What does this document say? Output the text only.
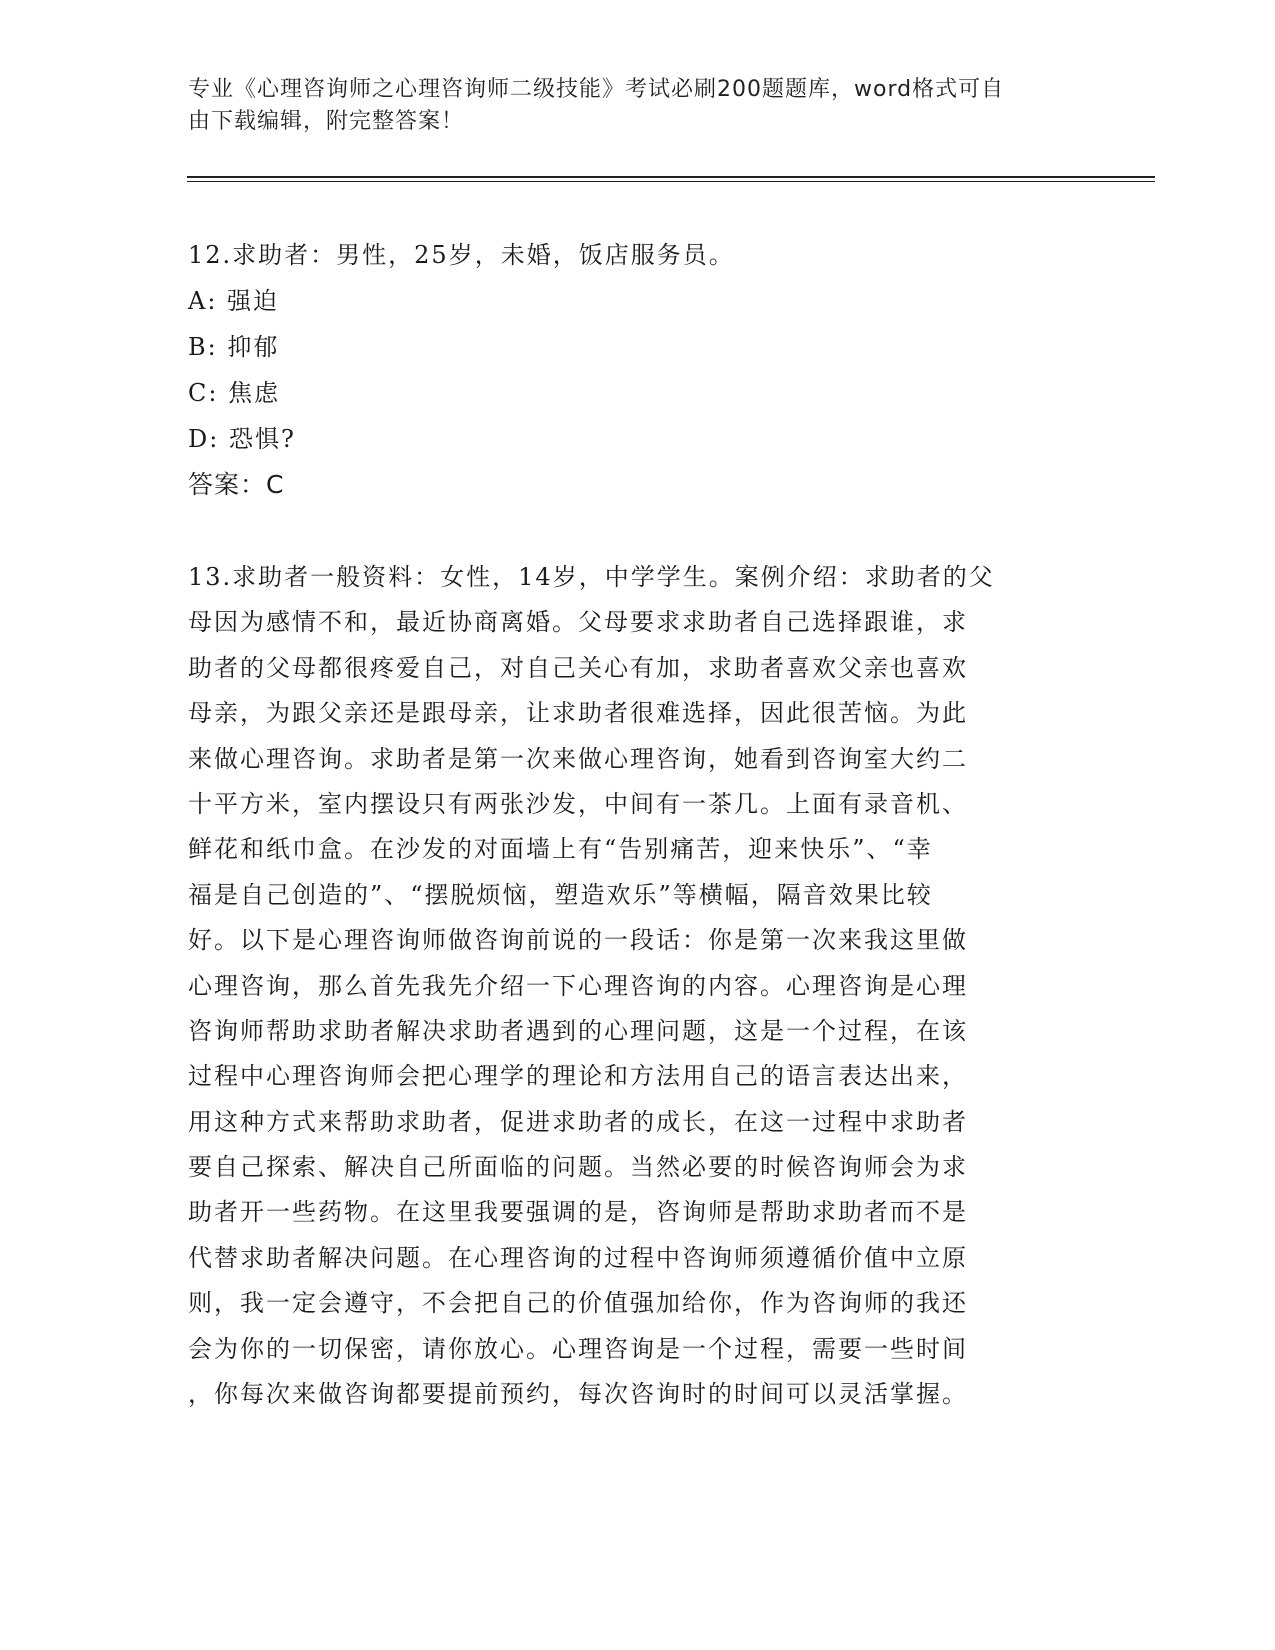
专业《心理咨询师之心理咨询师二级技能》考试必刷200题题库，word格式可自
由下载编辑，附完整答案！
12.求助者：男性，25岁，未婚，饭店服务员。
A: 强迫
B: 抑郁
C: 焦虑
D: 恐惧?
答案：C
13.求助者一般资料：女性，14岁，中学学生。案例介绍：求助者的父
母因为感情不和，最近协商离婚。父母要求求助者自己选择跟谁，求
助者的父母都很疼爱自己，对自己关心有加，求助者喜欢父亲也喜欢
母亲，为跟父亲还是跟母亲，让求助者很难选择，因此很苦恼。为此
来做心理咨询。求助者是第一次来做心理咨询，她看到咨询室大约二
十平方米，室内摆设只有两张沙发，中间有一茶几。上面有录音机、
鲜花和纸巾盒。在沙发的对面墙上有“告别痛苦，迎来快乐”、“幸
福是自己创造的”、“摆脱烦恼，塑造欢乐”等横幅，隔音效果比较
好。以下是心理咨询师做咨询前说的一段话：你是第一次来我这里做
心理咨询，那么首先我先介绍一下心理咨询的内容。心理咨询是心理
咨询师帮助求助者解决求助者遇到的心理问题，这是一个过程，在该
过程中心理咨询师会把心理学的理论和方法用自己的语言表达出来，
用这种方式来帮助求助者，促进求助者的成长，在这一过程中求助者
要自己探索、解决自己所面临的问题。当然必要的时候咨询师会为求
助者开一些药物。在这里我要强调的是，咨询师是帮助求助者而不是
代替求助者解决问题。在心理咨询的过程中咨询师须遵循价值中立原
则，我一定会遵守，不会把自己的价值强加给你，作为咨询师的我还
会为你的一切保密，请你放心。心理咨询是一个过程，需要一些时间
，你每次来做咨询都要提前预约，每次咨询时的时间可以灵活掌握。
